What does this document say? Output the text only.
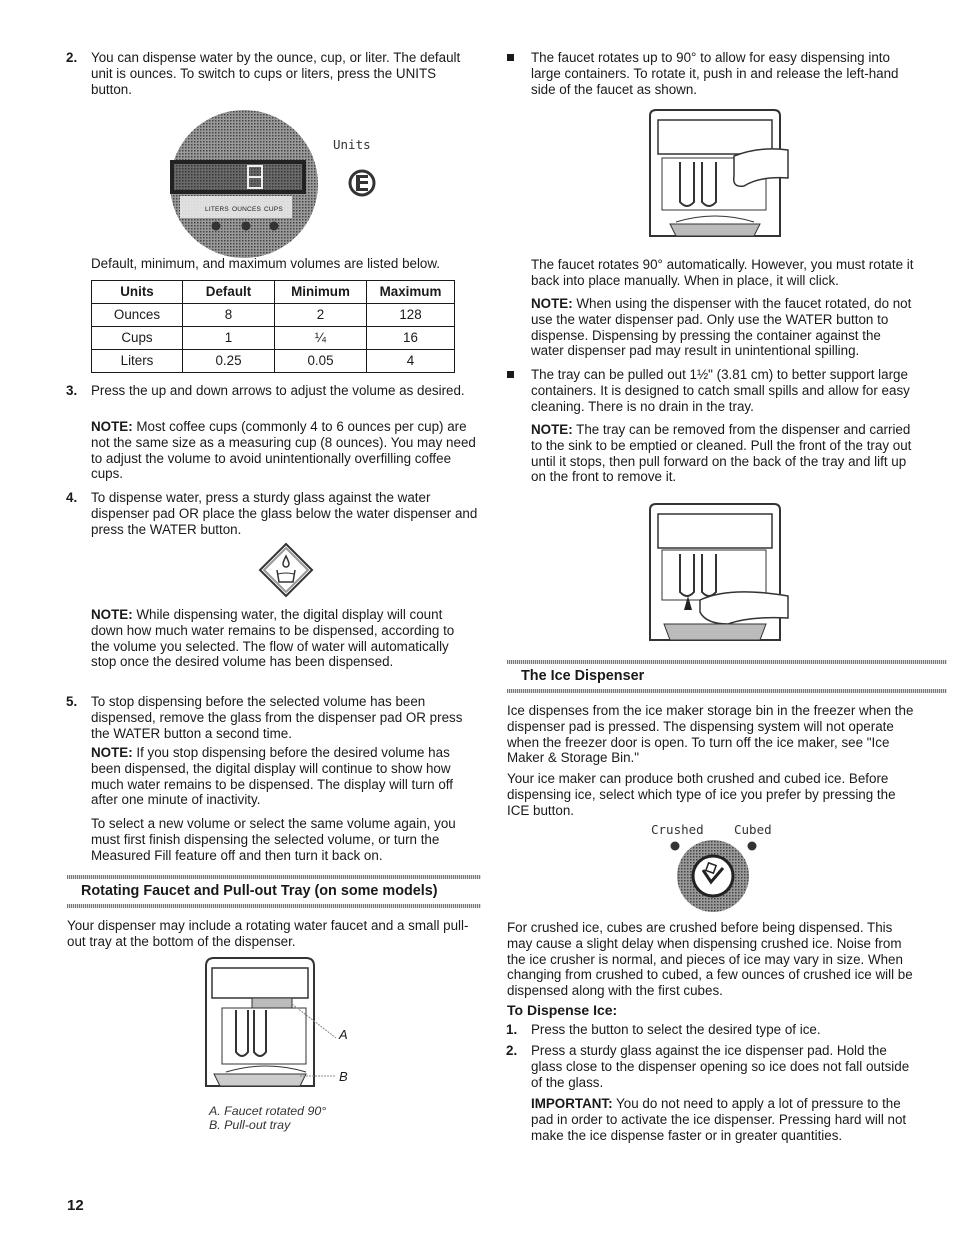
2. You can dispense water by the ounce, cup, or liter. The default unit is ounces. To switch to cups or liters, press the UNITS button.

Units
LITERS OUNCES CUPS

Default, minimum, and maximum volumes are listed below.

Units	Default	Minimum	Maximum
Ounces	8	2	128
Cups	1	¼	16
Liters	0.25	0.05	4
3. Press the up and down arrows to adjust the volume as desired.

NOTE: Most coffee cups (commonly 4 to 6 ounces per cup) are not the same size as a measuring cup (8 ounces). You may need to adjust the volume to avoid unintentionally overfilling coffee cups.

4. To dispense water, press a sturdy glass against the water dispenser pad OR place the glass below the water dispenser and press the WATER button.

NOTE: While dispensing water, the digital display will count down how much water remains to be dispensed, according to the volume you selected. The flow of water will automatically stop once the desired volume has been dispensed.

5. To stop dispensing before the selected volume has been dispensed, remove the glass from the dispenser pad OR press the WATER button a second time.

NOTE: If you stop dispensing before the desired volume has been dispensed, the digital display will continue to show how much water remains to be dispensed. The display will turn off after one minute of inactivity.

To select a new volume or select the same volume again, you must first finish dispensing the selected volume, or turn the Measured Fill feature off and then turn it back on.

Rotating Faucet and Pull-out Tray (on some models)

Your dispenser may include a rotating water faucet and a small pull-out tray at the bottom of the dispenser.

A
B

A. Faucet rotated 90°

B. Pull-out tray

12

The faucet rotates up to 90° to allow for easy dispensing into large containers. To rotate it, push in and release the left-hand side of the faucet as shown.

The faucet rotates 90° automatically. However, you must rotate it back into place manually. When in place, it will click.

NOTE: When using the dispenser with the faucet rotated, do not use the water dispenser pad. Only use the WATER button to dispense. Dispensing by pressing the container against the water dispenser pad may result in unintentional spilling.

The tray can be pulled out 1½" (3.81 cm) to better support large containers. It is designed to catch small spills and allow for easy cleaning. There is no drain in the tray.

NOTE: The tray can be removed from the dispenser and carried to the sink to be emptied or cleaned. Pull the front of the tray out until it stops, then pull forward on the back of the tray and lift up on the front to remove it.

The Ice Dispenser

Ice dispenses from the ice maker storage bin in the freezer when the dispenser pad is pressed. The dispensing system will not operate when the freezer door is open. To turn off the ice maker, see "Ice Maker & Storage Bin."

Your ice maker can produce both crushed and cubed ice. Before dispensing ice, select which type of ice you prefer by pressing the ICE button.

Crushed Cubed

For crushed ice, cubes are crushed before being dispensed. This may cause a slight delay when dispensing crushed ice. Noise from the ice crusher is normal, and pieces of ice may vary in size. When changing from crushed to cubed, a few ounces of crushed ice will be dispensed along with the first cubes.

To Dispense Ice:

1. Press the button to select the desired type of ice.

2. Press a sturdy glass against the ice dispenser pad. Hold the glass close to the dispenser opening so ice does not fall outside of the glass.

IMPORTANT: You do not need to apply a lot of pressure to the pad in order to activate the ice dispenser. Pressing hard will not make the ice dispense faster or in greater quantities.
